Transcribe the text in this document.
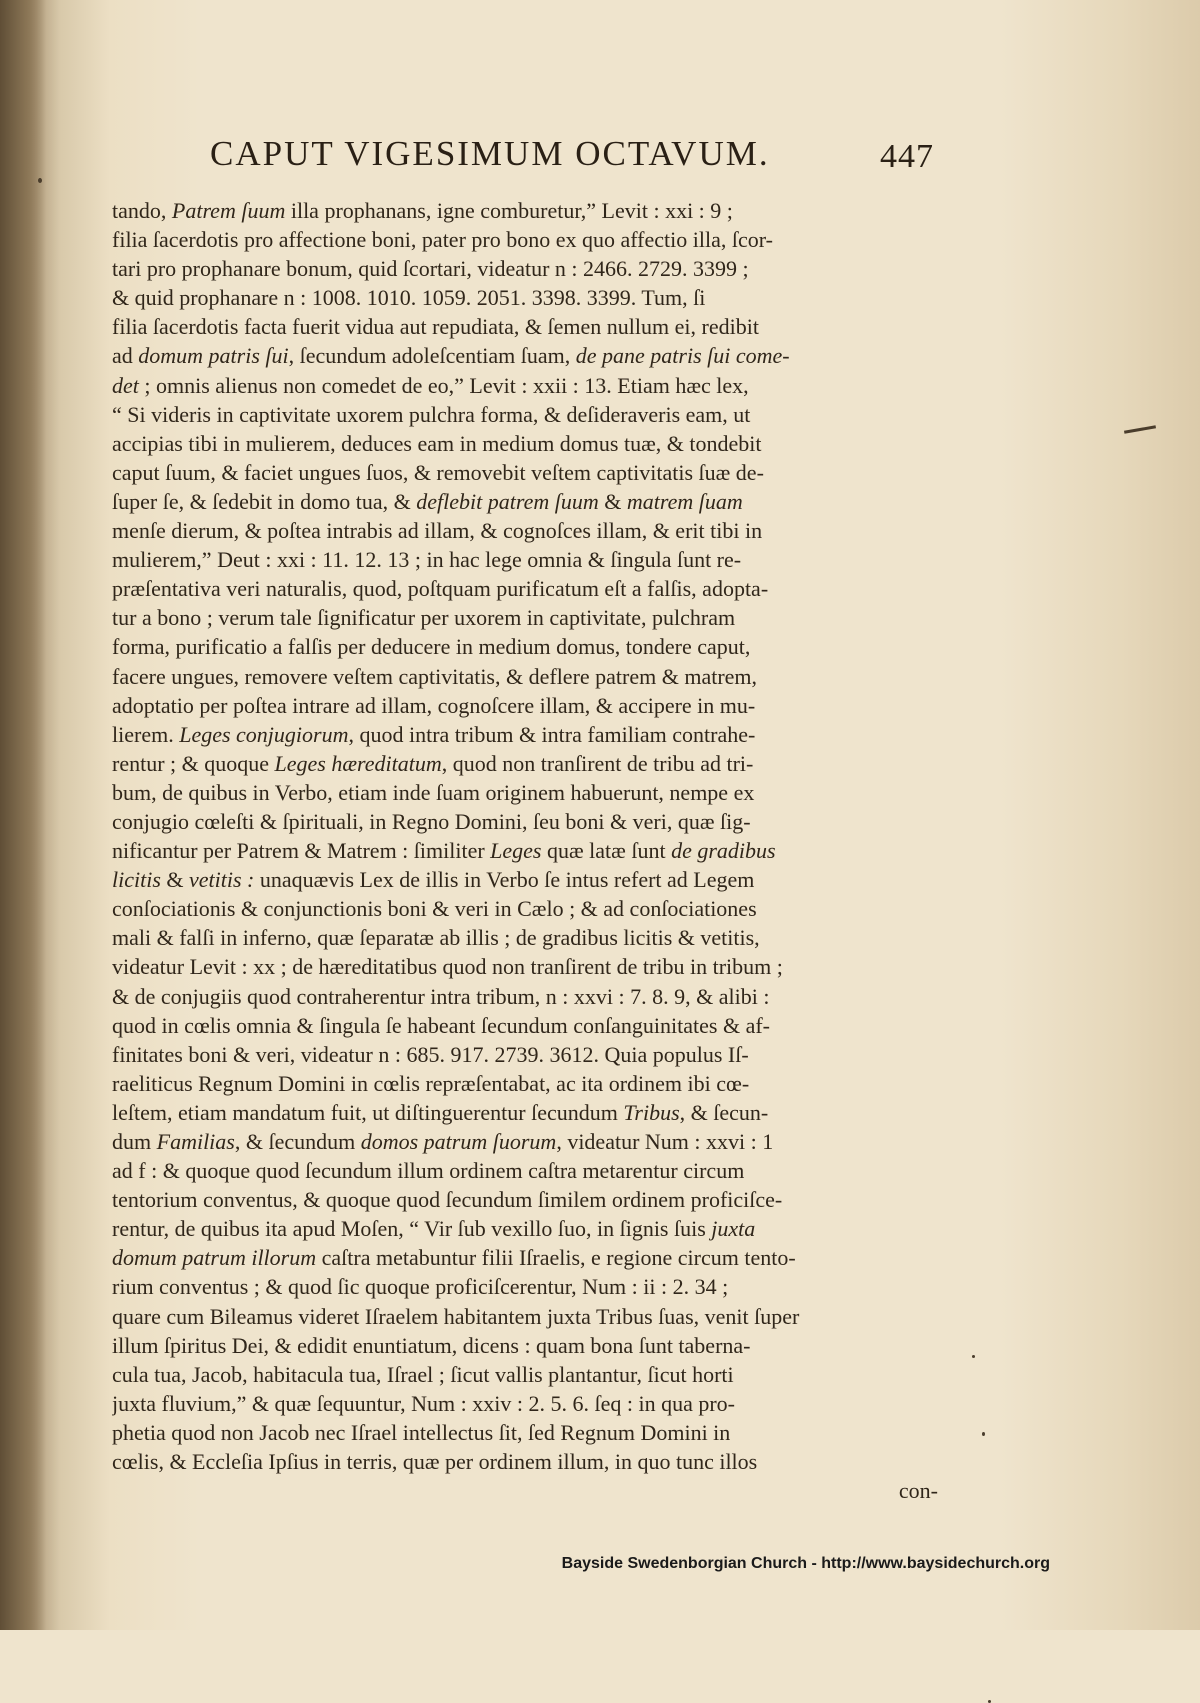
CAPUT VIGESIMUM OCTAVUM.	447
tando, Patrem ſuum illa prophanans, igne comburetur,” Levit : xxi : 9 ;
filia ſacerdotis pro affectione boni, pater pro bono ex quo affectio illa, ſcor-
tari pro prophanare bonum, quid ſcortari, videatur n : 2466. 2729. 3399 ;
& quid prophanare n : 1008. 1010. 1059. 2051. 3398. 3399. Tum, ſi
filia ſacerdotis facta fuerit vidua aut repudiata, & ſemen nullum ei, redibit
ad domum patris ſui, ſecundum adoleſcentiam ſuam, de pane patris ſui come-
det ; omnis alienus non comedet de eo,” Levit : xxii : 13. Etiam hæc lex,
“ Si videris in captivitate uxorem pulchra forma, & deſideraveris eam, ut
accipias tibi in mulierem, deduces eam in medium domus tuæ, & tondebit
caput ſuum, & faciet ungues ſuos, & removebit veſtem captivitatis ſuæ de-
ſuper ſe, & ſedebit in domo tua, & deflebit patrem ſuum & matrem ſuam
menſe dierum, & poſtea intrabis ad illam, & cognoſces illam, & erit tibi in
mulierem,” Deut : xxi : 11. 12. 13 ; in hac lege omnia & ſingula ſunt re-
præſentativa veri naturalis, quod, poſtquam purificatum eſt a falſis, adopta-
tur a bono ; verum tale ſignificatur per uxorem in captivitate, pulchram
forma, purificatio a falſis per deducere in medium domus, tondere caput,
facere ungues, removere veſtem captivitatis, & deflere patrem & matrem,
adoptatio per poſtea intrare ad illam, cognoſcere illam, & accipere in mu-
lierem. Leges conjugiorum, quod intra tribum & intra familiam contrahe-
rentur ; & quoque Leges hæreditatum, quod non tranſirent de tribu ad tri-
bum, de quibus in Verbo, etiam inde ſuam originem habuerunt, nempe ex
conjugio cœleſti & ſpirituali, in Regno Domini, ſeu boni & veri, quæ ſig-
nificantur per Patrem & Matrem : ſimiliter Leges quæ latæ ſunt de gradibus
licitis & vetitis : unaquævis Lex de illis in Verbo ſe intus refert ad Legem
conſociationis & conjunctionis boni & veri in Cælo ; & ad conſociationes
mali & falſi in inferno, quæ ſeparatæ ab illis ; de gradibus licitis & vetitis,
videatur Levit : xx ; de hæreditatibus quod non tranſirent de tribu in tribum ;
& de conjugiis quod contraherentur intra tribum, n : xxvi : 7. 8. 9, & alibi :
quod in cœlis omnia & ſingula ſe habeant ſecundum conſanguinitates & af-
finitates boni & veri, videatur n : 685. 917. 2739. 3612. Quia populus Iſ-
raeliticus Regnum Domini in cœlis repræſentabat, ac ita ordinem ibi cœ-
leſtem, etiam mandatum fuit, ut diſtinguerentur ſecundum Tribus, & ſecun-
dum Familias, & ſecundum domos patrum ſuorum, videatur Num : xxvi : 1
ad f : & quoque quod ſecundum illum ordinem caſtra metarentur circum
tentorium conventus, & quoque quod ſecundum ſimilem ordinem proficiſce-
rentur, de quibus ita apud Moſen, “ Vir ſub vexillo ſuo, in ſignis ſuis juxta
domum patrum illorum caſtra metabuntur filii Iſraelis, e regione circum tento-
rium conventus ; & quod ſic quoque proficiſcerentur, Num : ii : 2. 34 ;
quare cum Bileamus videret Iſraelem habitantem juxta Tribus ſuas, venit ſuper
illum ſpiritus Dei, & edidit enuntiatum, dicens : quam bona ſunt taberna-
cula tua, Jacob, habitacula tua, Iſrael ; ſicut vallis plantantur, ſicut horti
juxta fluvium,” & quæ ſequuntur, Num : xxiv : 2. 5. 6. ſeq : in qua pro-
phetia quod non Jacob nec Iſrael intellectus ſit, ſed Regnum Domini in
cœlis, & Eccleſia Ipſius in terris, quæ per ordinem illum, in quo tunc illos
con-
Bayside Swedenborgian Church - http://www.baysidechurch.org
